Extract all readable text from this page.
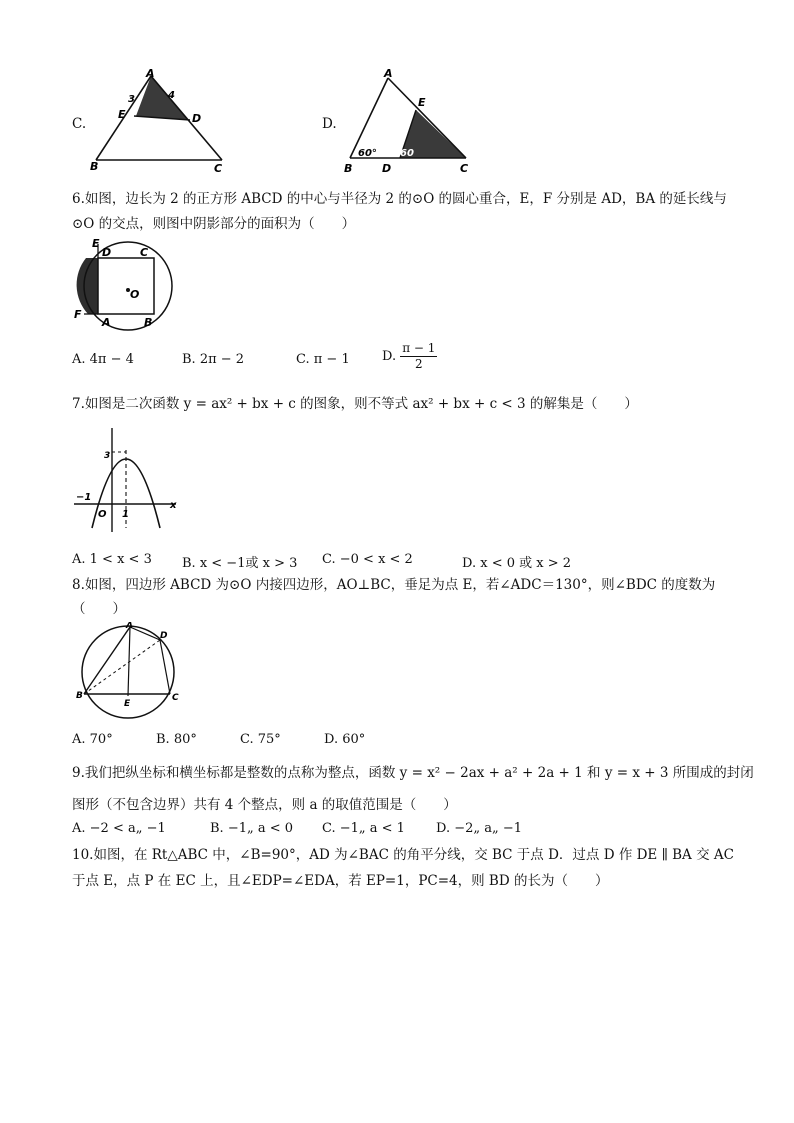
C.
A
B	C
D
E
3	4
D.
A
B	C
D
E
60° 60
6.如图，边长为 2 的正方形 ABCD 的中心与半径为 2 的⊙O 的圆心重合，E，F 分别是 AD，BA 的延长线与
⊙O 的交点，则图中阴影部分的面积为（　　）
E
D	C
O
F
A	B
A. 4π − 4	B. 2π − 2	C. π − 1 D. $\frac{\pi - 1}{2}$
7.如图是二次函数 y = ax² + bx + c 的图象，则不等式 ax² + bx + c < 3 的解集是（　　）
−1
O 1
x
3
A. 1 < x < 3 B. x < −1或 x > 3 C. −0 < x < 2	D. x < 0 或 x > 2
8.如图，四边形 ABCD 为⊙O 内接四边形，AO⊥BC，垂足为点 E，若∠ADC＝130°，则∠BDC 的度数为
（　　）
A
D
B	C
E
A. 70°	B. 80°	C. 75°	D. 60°
9.我们把纵坐标和横坐标都是整数的点称为整点，函数 y = x² − 2ax + a² + 2a + 1 和 y = x + 3 所围成的封闭
图形（不包含边界）共有 4 个整点，则 a 的取值范围是（　　）
A. −2 < a„ −1	B. −1„ a < 0 C. −1„ a < 1 D. −2„ a„ −1
10.如图，在 Rt△ABC 中，∠B=90°，AD 为∠BAC 的角平分线，交 BC 于点 D．过点 D 作 DE ∥ BA 交 AC
于点 E，点 P 在 EC 上，且∠EDP=∠EDA，若 EP=1，PC=4，则 BD 的长为（　　）
